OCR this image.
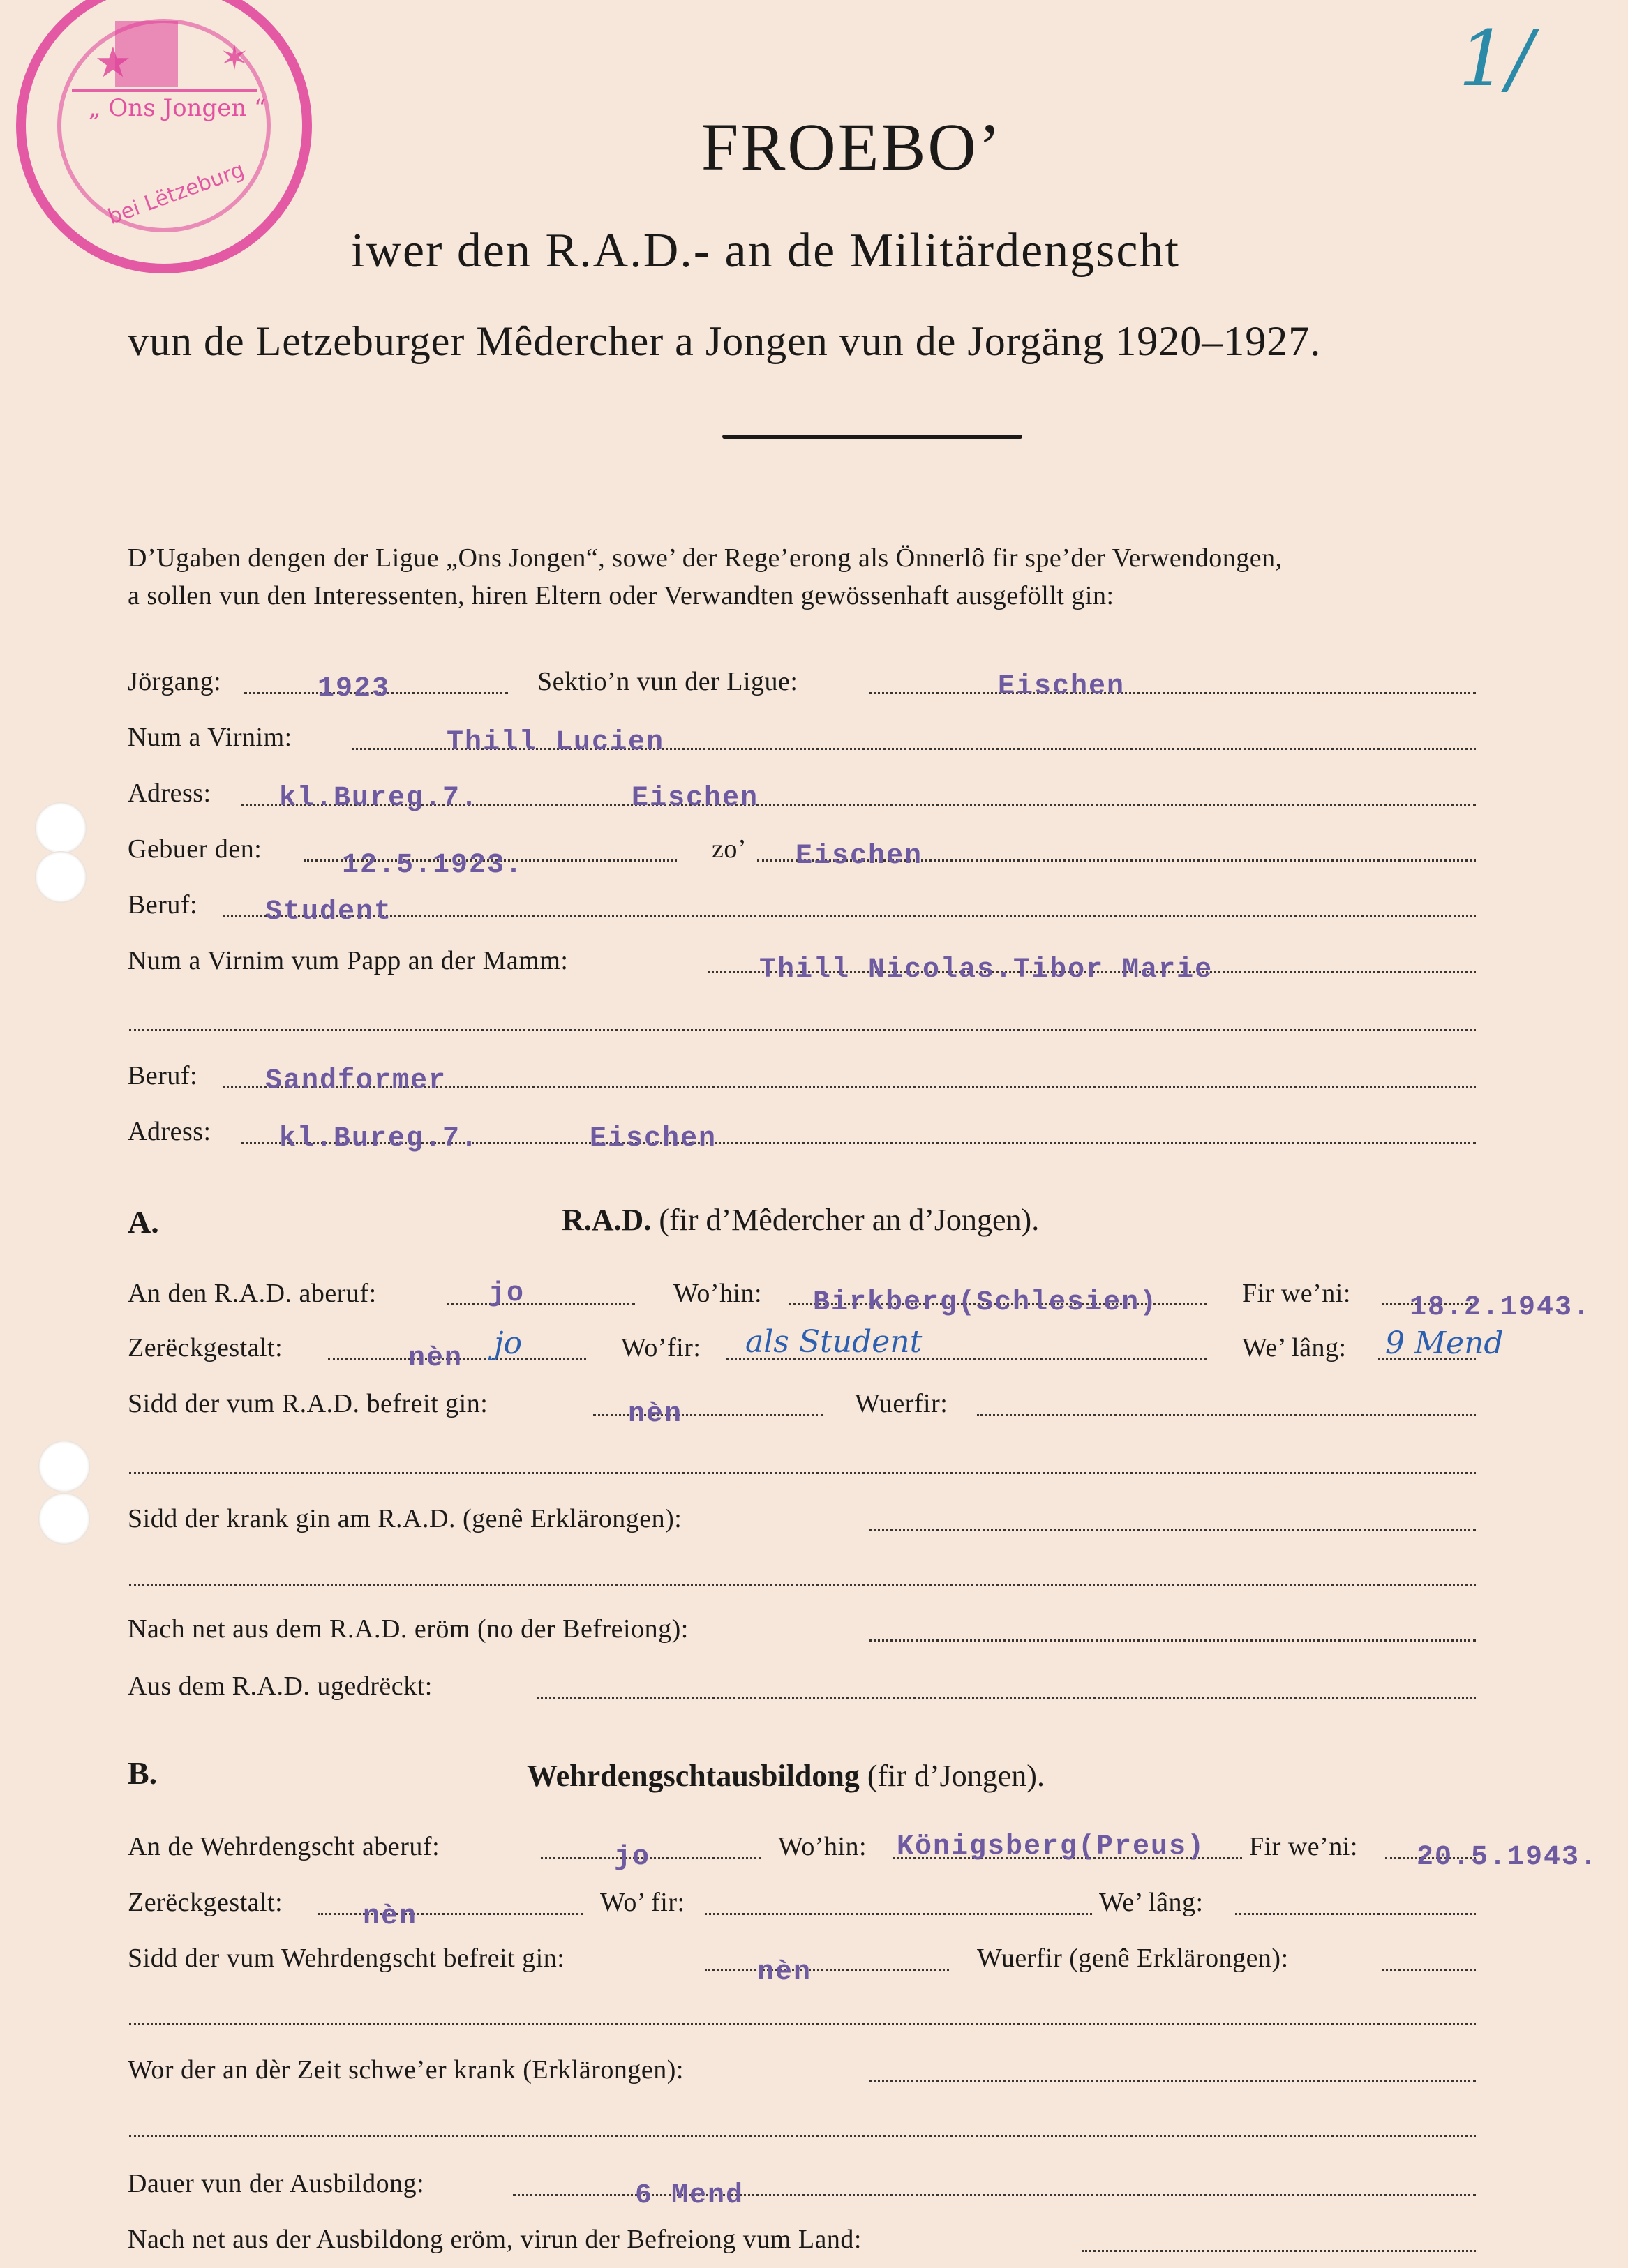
★	✶
„ Ons Jongen “
bei Lëtzeburg
1/
FROEBO’
iwer den R.A.D.- an de Militärdengscht
vun de Letzeburger Mêdercher a Jongen vun de Jorgäng 1920–1927.
D’Ugaben dengen der Ligue „Ons Jongen“, sowe’ der Rege’erong als Önnerlô fir spe’der Verwendongen,
a sollen vun den Interessenten, hiren Eltern oder Verwandten gewössenhaft ausgeföllt gin:
Jörgang:	1923	Sektio’n vun der Ligue:	Eischen
Num a Virnim:	Thill Lucien
Adress: kl.Bureg.7.	Eischen
Gebuer den:
12.5.1923.
zo’ Eischen
Beruf: Student
Num a Virnim vum Papp an der Mamm:	Thill Nicolas.Tibor Marie
Beruf: Sandformer
Adress: kl.Bureg.7.	Eischen
A.	R.A.D. (fir d’Mêdercher an d’Jongen).
An den R.A.D. aberuf:	jo	Wo’hin: Birkberg(Schlesien)	Fir we’ni: 18.2.1943.
Zerëckgestalt:	nèn jo	Wo’fir: als Student	We’ lâng: 9 Mend
Sidd der vum R.A.D. befreit gin:	nèn	Wuerfir:
Sidd der krank gin am R.A.D. (genê Erklärongen):
Nach net aus dem R.A.D. eröm (no der Befreiong):
Aus dem R.A.D. ugedrëckt:
B.	Wehrdengschtausbildong (fir d’Jongen).
An de Wehrdengscht aberuf:	jo	Wo’hin: Königsberg(Preus) Fir we’ni: 20.5.1943.
Zerëckgestalt:	nèn	Wo’ fir:	We’ lâng:
Sidd der vum Wehrdengscht befreit gin:	nèn	Wuerfir (genê Erklärongen):
Wor der an dèr Zeit schwe’er krank (Erklärongen):
Dauer vun der Ausbildong:	6 Mend
Nach net aus der Ausbildong eröm, virun der Befreiong vum Land:
